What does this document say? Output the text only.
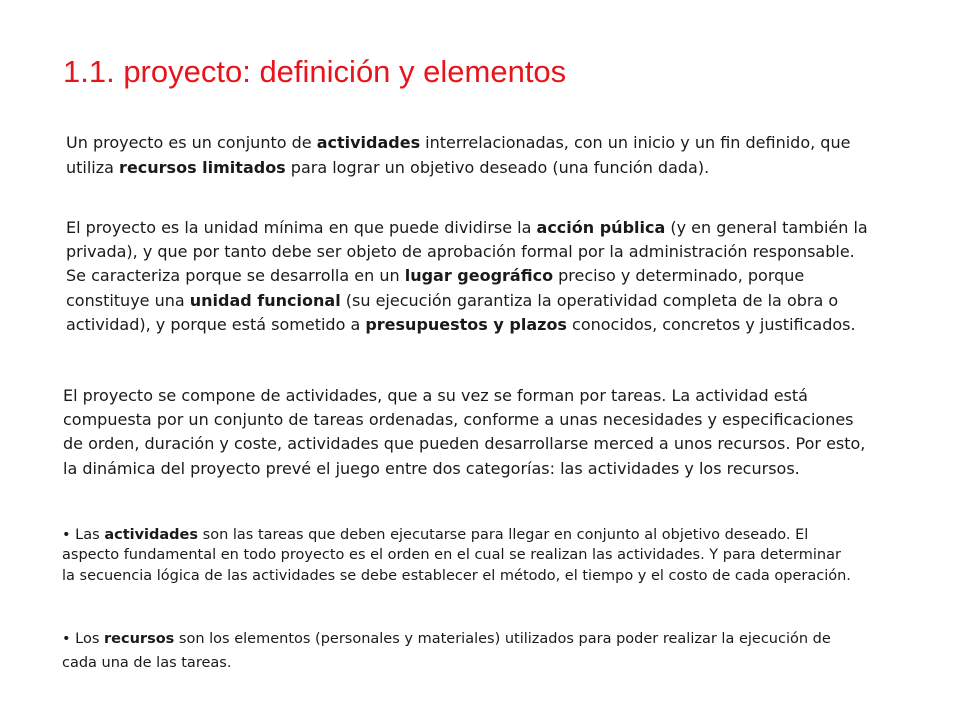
1.1. proyecto: definición y elementos

Un proyecto es un conjunto de actividades interrelacionadas, con un inicio y un fin definido, que utiliza recursos limitados para lograr un objetivo deseado (una función dada).

El proyecto es la unidad mínima en que puede dividirse la acción pública (y en general también la privada), y que por tanto debe ser objeto de aprobación formal por la administración responsable. Se caracteriza porque se desarrolla en un lugar geográfico preciso y determinado, porque constituye una unidad funcional (su ejecución garantiza la operatividad completa de la obra o actividad), y porque está sometido a presupuestos y plazos conocidos, concretos y justificados.

El proyecto se compone de actividades, que a su vez se forman por tareas. La actividad está compuesta por un conjunto de tareas ordenadas, conforme a unas necesidades y especificaciones de orden, duración y coste, actividades que pueden desarrollarse merced a unos recursos. Por esto, la dinámica del proyecto prevé el juego entre dos categorías: las actividades y los recursos.

• Las actividades son las tareas que deben ejecutarse para llegar en conjunto al objetivo deseado. El aspecto fundamental en todo proyecto es el orden en el cual se realizan las actividades. Y para determinar la secuencia lógica de las actividades se debe establecer el método, el tiempo y el costo de cada operación.

• Los recursos son los elementos (personales y materiales) utilizados para poder realizar la ejecución de cada una de las tareas.
